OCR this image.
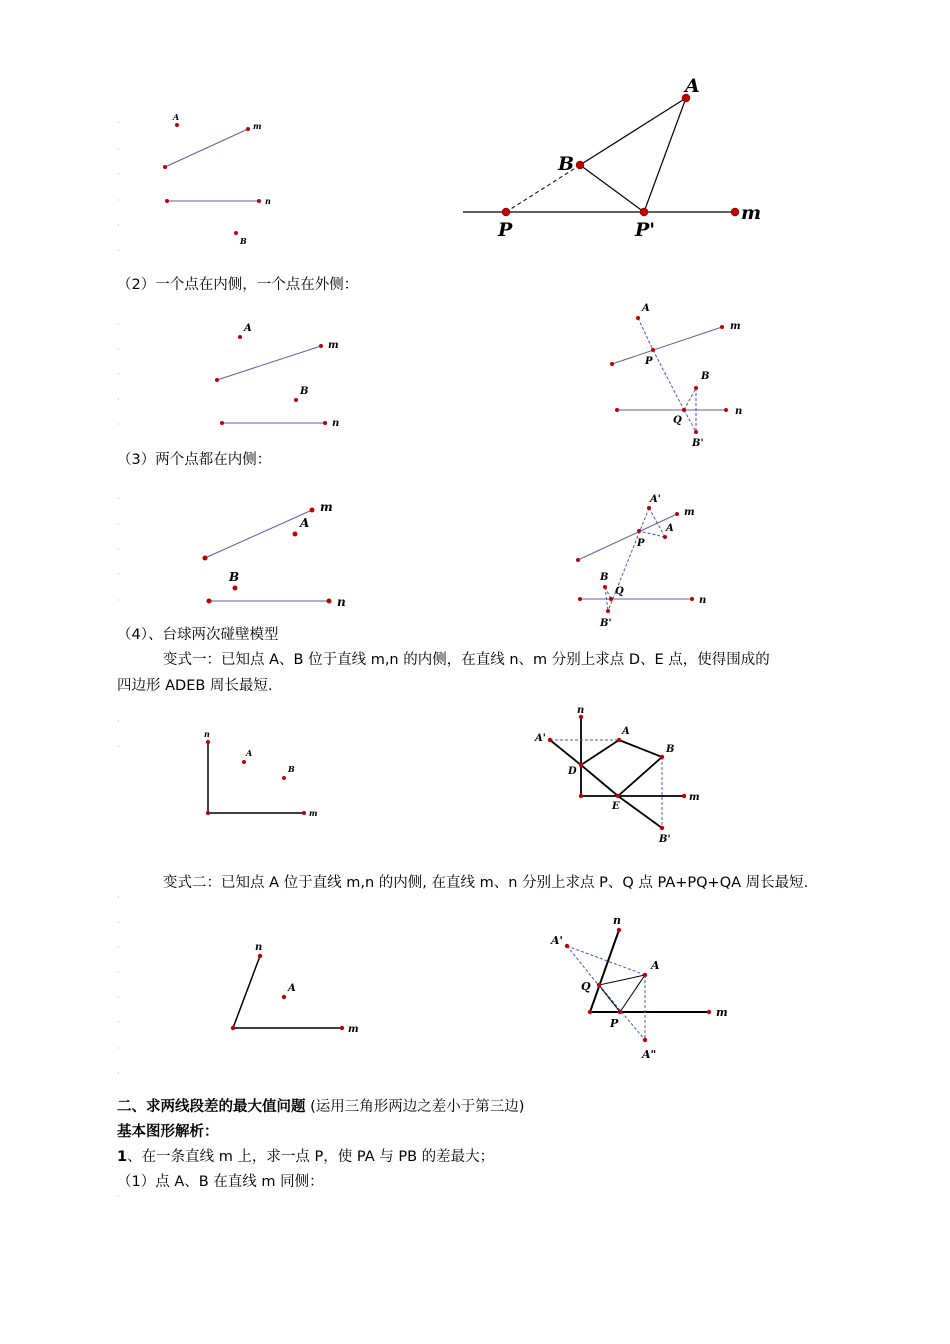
·
·
·
·
·
·
·
·
·
·
·
·
·
·
·
·
·
·
·
·
·
·
·
·
·
·
·
A
m
n
B
A
B
m
P	P'
（2）一个点在内侧，一个点在外侧：
A
m
B
n
A
m
P
B
n
Q
B'
（3）两个点都在内侧：
m
A
B
n
A'
m
A
P
B
Q
n
B'
（4）、台球两次碰壁模型
变式一：已知点 A、B 位于直线 m,n 的内侧，在直线 n、m 分别上求点 D、E 点，使得围成的
四边形 ADEB 周长最短.
n
A
B
m
n
A'
A
B
D
E
m
B'
变式二：已知点 A 位于直线 m,n 的内侧, 在直线 m、n 分别上求点 P、Q 点 PA+PQ+QA 周长最短.
n
A
m
n
A'
A
Q
P
m
A"
二、求两线段差的最大值问题 (运用三角形两边之差小于第三边)
基本图形解析：
1、在一条直线 m 上，求一点 P，使 PA 与 PB 的差最大；
（1）点 A、B 在直线 m 同侧：
